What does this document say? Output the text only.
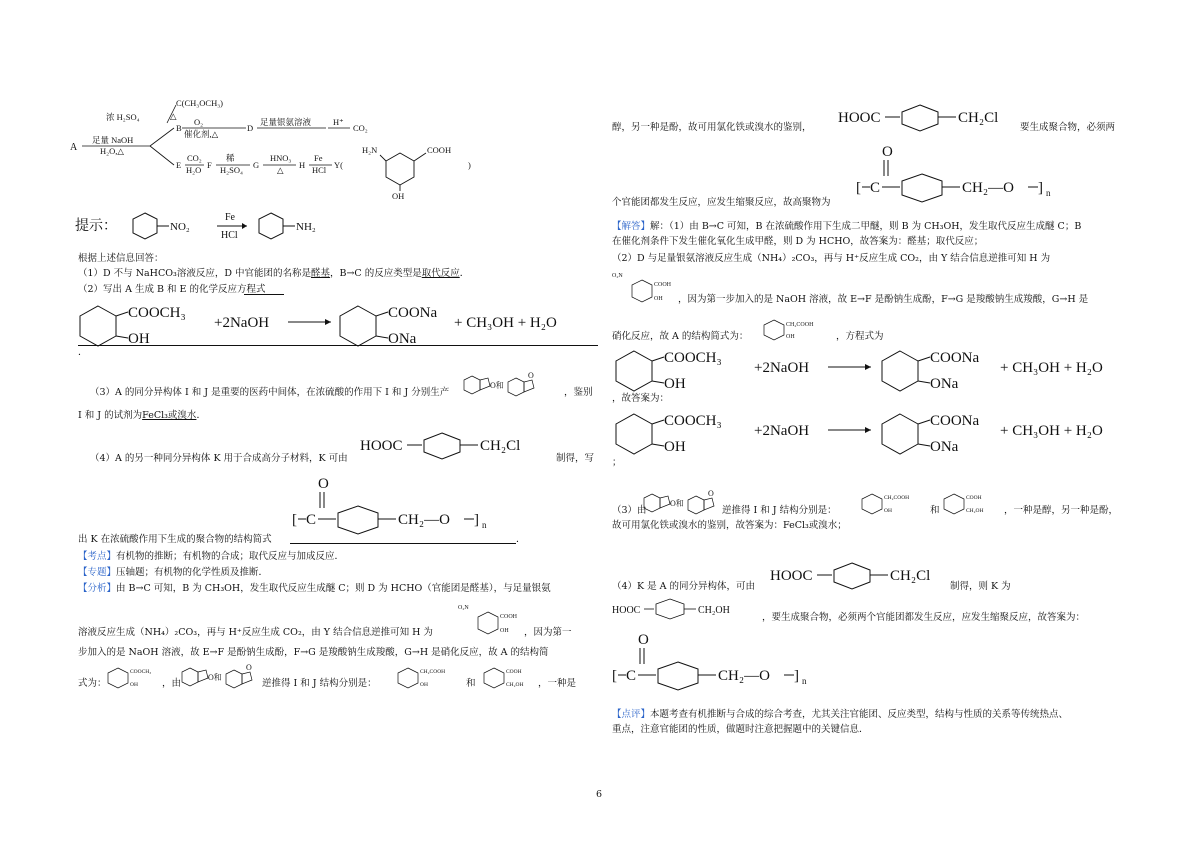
C(CH₃OCH₃)
浓 H₂SO₄	△
O₂
催化剂,△
B	D
足量银氨溶液	H⁺
CO₂
A
足量 NaOH
H₂O,△
E
CO₂
H₂O F
稀
H₂SO₄ G
HNO₃
△ H
Fe
HCl Y(
H₂N	COOH
OH
)
提示：	NO₂
Fe
HCl
NH₂
根据上述信息回答：
（1）D 不与 NaHCO₃溶液反应，D 中官能团的名称是醛基，B→C 的反应类型是取代反应．
（2）写出 A 生成 B 和 E 的化学反应方程式
COOCH₃
OH
+2NaOH
COONa
ONa
+ CH₃OH + H₂O
．
（3）A 的同分异构体 I 和 J 是重要的医药中间体，在浓硫酸的作用下 I 和 J 分别生产
O和
O
，鉴别
I 和 J 的试剂为FeCl₃或溴水．
（4）A 的另一种同分异构体 K 用于合成高分子材料，K 可由
HOOC	CH₂Cl
制得，写
O
[ C	CH₂—O ] n
出 K 在浓硫酸作用下生成的聚合物的结构简式	．
【考点】有机物的推断；有机物的合成；取代反应与加成反应．
【专题】压轴题；有机物的化学性质及推断．
【分析】由 B→C 可知，B 为 CH₃OH，发生取代反应生成醚 C；则 D 为 HCHO（官能团是醛基），与足量银氨
溶液反应生成（NH₄）₂CO₃，再与 H⁺反应生成 CO₂，由 Y 结合信息逆推可知 H 为
O₂N
COOH
OH ，因为第一
步加入的是 NaOH 溶液，故 E→F 是酚钠生成酚，F→G 是羧酸钠生成羧酸，G→H 是硝化反应，故 A 的结构简
式为：
COOCH₃
OH	，由
O和
O
逆推得 I 和 J 结构分别是：
CH₂COOH
OH	和
COOH
CH₂OH ，一种是
醇，另一种是酚，故可用氯化铁或溴水的鉴别，
HOOC	CH₂Cl
要生成聚合物，必须两
O
[ C	CH₂—O ] n
个官能团都发生反应，应发生缩聚反应，故高聚物为
【解答】解：（1）由 B→C 可知，B 在浓硫酸作用下生成二甲醚，则 B 为 CH₃OH，发生取代反应生成醚 C；B
在催化剂条件下发生催化氧化生成甲醛，则 D 为 HCHO，故答案为：醛基；取代反应；
（2）D 与足量银氨溶液反应生成（NH₄）₂CO₃，再与 H⁺反应生成 CO₂，由 Y 结合信息逆推可知 H 为
O₂N
COOH
OH ，因为第一步加入的是 NaOH 溶液，故 E→F 是酚钠生成酚，F→G 是羧酸钠生成羧酸，G→H 是
硝化反应，故 A 的结构简式为：
CH₂COOH
OH	，方程式为
COOCH₃
OH
+2NaOH
COONa
ONa
+ CH₃OH + H₂O
，故答案为：
COOCH₃
OH
+2NaOH
COONa
ONa
+ CH₃OH + H₂O
；
（3）由
O和
O
逆推得 I 和 J 结构分别是：
CH₂COOH
OH	和
COOH
CH₂OH ，一种是醇，另一种是酚，
故可用氯化铁或溴水的鉴别，故答案为：FeCl₃或溴水；
（4）K 是 A 的同分异构体，可由
HOOC	CH₂Cl
制得，则 K 为
HOOC	CH₂OH
，要生成聚合物，必须两个官能团都发生反应，应发生缩聚反应，故答案为：
O
[ C	CH₂—O ] n
【点评】本题考查有机推断与合成的综合考查，尤其关注官能团、反应类型，结构与性质的关系等传统热点、
重点，注意官能团的性质，做题时注意把握题中的关键信息．
6
